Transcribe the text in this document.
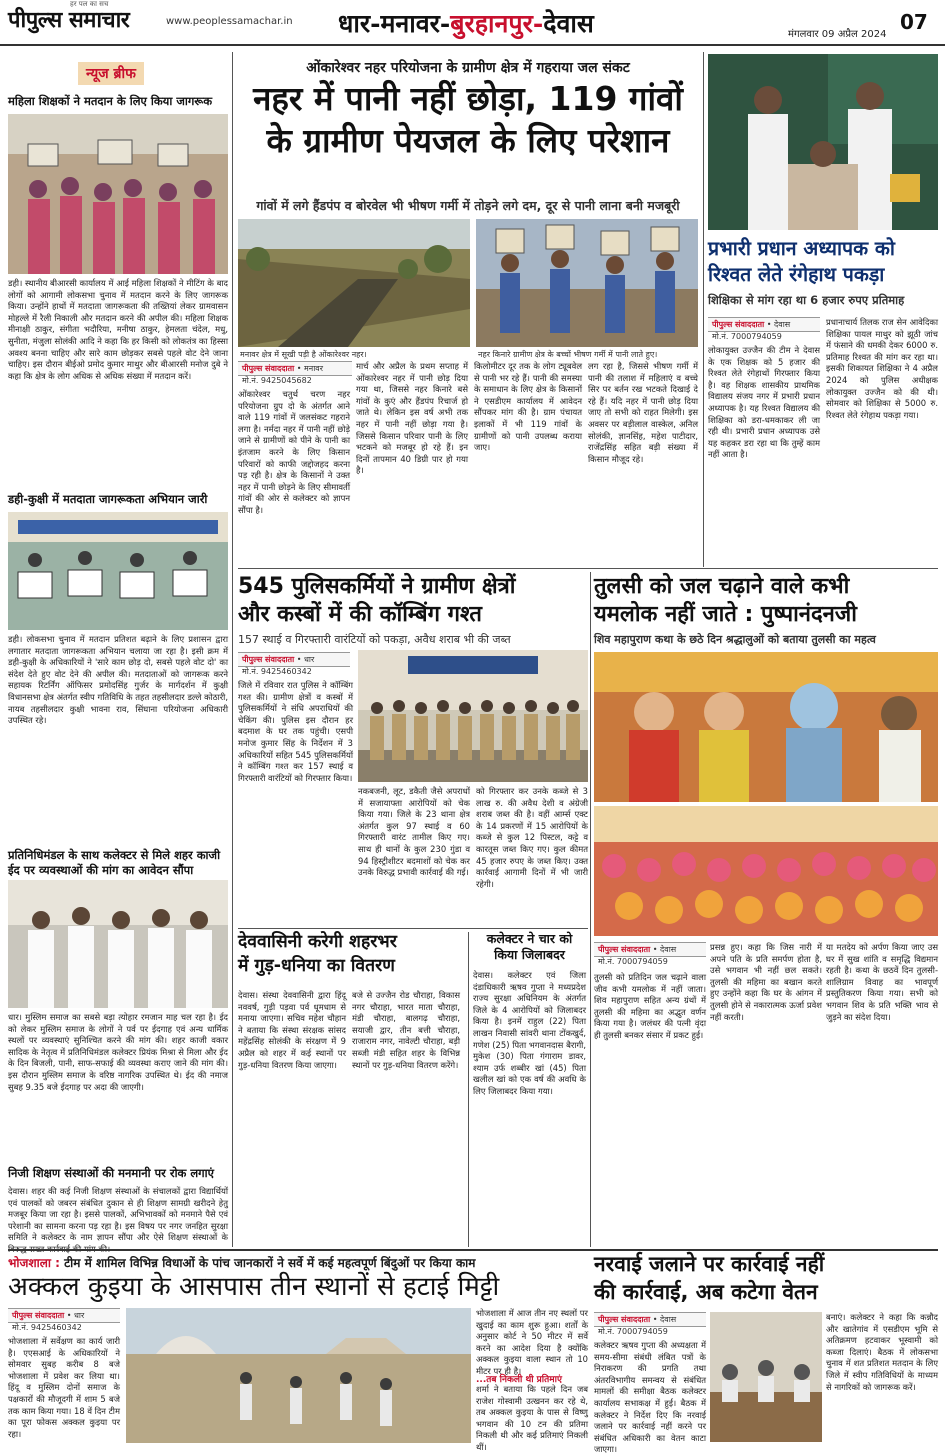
पीपुल्स समाचार
हर पल का सच
www.peoplessamachar.in धार-मनावर-बुरहानपुर-देवास	मंगलवार 09 अप्रैल 2024
07
न्यूज ब्रीफ
महिला शिक्षकों ने मतदान के लिए किया जागरूक
डही। स्थानीय बीआरसी कार्यालय में आई महिला शिक्षकों ने मीटिंग के बाद लोगों को आगामी लोकसभा चुनाव में मतदान करने के लिए जागरूक किया। उन्होंने हाथों में मतदाता जागरूकता की तख्तियां लेकर ग्रामवासन मोहल्ले में रैली निकाली और मतदान करने की अपील की। महिला शिक्षक मीनाक्षी ठाकुर, संगीता भदौरिया, मनीषा ठाकुर, हेमलता चंदेल, मधु, सुनीता, मंजुला सोलंकी आदि ने कहा कि हर किसी को लोकतंत्र का हिस्सा अवश्य बनना चाहिए और सारे काम छोड़कर सबसे पहले वोट देने जाना चाहिए। इस दौरान बीईओ प्रमोद कुमार माथुर और बीआरसी मनोज दुबे ने कहा कि क्षेत्र के लोग अधिक से अधिक संख्या में मतदान करें।
डही-कुक्षी में मतदाता जागरूकता अभियान जारी
डही। लोकसभा चुनाव में मतदान प्रतिशत बढ़ाने के लिए प्रशासन द्वारा लगातार मतदाता जागरूकता अभियान चलाया जा रहा है। इसी क्रम में डही-कुक्षी के अधिकारियों ने 'सारे काम छोड़ दो, सबसे पहले वोट दो' का संदेश देते हुए वोट देने की अपील की। मतदाताओं को जागरूक करने सहायक रिटर्निंग ऑफिसर प्रमोदसिंह गुर्जर के मार्गदर्शन में कुक्षी विधानसभा क्षेत्र अंतर्गत स्वीप गतिविधि के तहत तहसीलदार डल्ले कोठारी, नायब तहसीलदार कुक्षी भावना राव, सिंघाना परियोजना अधिकारी उपस्थित रहे।
प्रतिनिधिमंडल के साथ कलेक्टर से मिले शहर काजी ईद पर व्यवस्थाओं की मांग का आवेदन सौंपा
धार। मुस्लिम समाज का सबसे बड़ा त्योहार रमजान माह चल रहा है। ईद को लेकर मुस्लिम समाज के लोगों ने पर्व पर ईदगाह एवं अन्य धार्मिक स्थलों पर व्यवस्थाएं सुनिश्चित करने की मांग की। शहर काजी वकार सादिक के नेतृत्व में प्रतिनिधिमंडल कलेक्टर प्रियंक मिश्रा से मिला और ईद के दिन बिजली, पानी, साफ-सफाई की व्यवस्था कराए जाने की मांग की। इस दौरान मुस्लिम समाज के वरिष्ठ नागरिक उपस्थित थे। ईद की नमाज सुबह 9.35 बजे ईदगाह पर अदा की जाएगी।
निजी शिक्षण संस्थाओं की मनमानी पर रोक लगाएं
देवास। शहर की कई निजी शिक्षण संस्थाओं के संचालकों द्वारा विद्यार्थियों एवं पालकों को जबरन संबंधित दुकान से ही शिक्षण सामग्री खरीदने हेतु मजबूर किया जा रहा है। इससे पालकों, अभिभावकों को मनमाने पैसे एवं परेशानी का सामना करना पड़ रहा है। इस विषय पर नगर जनहित सुरक्षा समिति ने कलेक्टर के नाम ज्ञापन सौंपा और ऐसे शिक्षण संस्थाओं के
ओंकारेश्वर नहर परियोजना के ग्रामीण क्षेत्र में गहराया जल संकट
नहर में पानी नहीं छोड़ा, 119 गांवों
के ग्रामीण पेयजल के लिए परेशान
गांवों में लगे हैंडपंप व बोरवेल भी भीषण गर्मी में तोड़ने लगे दम, दूर से पानी लाना बनी मजबूरी
मनावर क्षेत्र में सूखी पड़ी है ओंकारेश्वर नहर।	नहर किनारे ग्रामीण क्षेत्र के बच्चों भीषण गर्मी में पानी लाते हुए।
पीपुल्स संवाददाता • मनावर
मो.नं. 9425045682
ओंकारेश्वर चतुर्थ चरण नहर परियोजना ग्रुप दो के अंतर्गत आने वाले 119 गांवों में जलसंकट गहराने लगा है। नर्मदा नहर में पानी नहीं छोड़े जाने से ग्रामीणों को पीने के पानी का इंतजाम करने के लिए किसान परिवारों को काफी जद्दोजहद करना पड़ रही है। क्षेत्र के किसानों ने उक्त नहर में पानी छोड़ने के लिए सीमावर्ती गांवों की ओर से कलेक्टर को ज्ञापन सौंपा है।
मार्च और अप्रैल के प्रथम सप्ताह में ओंकारेश्वर नहर में पानी छोड़ दिया गया था, जिससे नहर किनारे बसे गांवों के कुएं और हैंडपंप रिचार्ज हो जाते थे। लेकिन इस वर्ष अभी तक नहर में पानी नहीं छोड़ा गया है। जिससे किसान परिवार पानी के लिए भटकने को मजबूर हो रहे हैं। इन दिनों तापमान 40 डिग्री पार हो गया है।
किलोमीटर दूर तक के लोग ट्यूबवेल से पानी भर रहे हैं। पानी की समस्या के समाधान के लिए क्षेत्र के किसानों ने एसडीएम कार्यालय में आवेदन सौंपकर मांग की है। ग्राम पंचायत इलाकों में भी 119 गांवों के ग्रामीणों को पानी उपलब्ध कराया जाए।
लग रहा है, जिससे भीषण गर्मी में पानी की तलाश में महिलाएं व बच्चे सिर पर बर्तन रख भटकते दिखाई दे रहे हैं। यदि नहर में पानी छोड़ दिया जाए तो सभी को राहत मिलेगी। इस अवसर पर बड़ीलाल वास्केल, अनिल सोलंकी, ज्ञानसिंह, महेश पाटीदार, राजेंद्रसिंह सहित बड़ी संख्या में किसान मौजूद रहे।
प्रभारी प्रधान अध्यापक को
रिश्वत लेते रंगेहाथ पकड़ा
शिक्षिका से मांग रहा था 6 हजार रुपए प्रतिमाह
पीपुल्स संवाददाता • देवास
मो.नं. 7000794059
लोकायुक्त उज्जैन की टीम ने देवास के एक शिक्षक को 5 हजार की रिश्वत लेते रंगेहाथों गिरफ्तार किया है। वह शिक्षक शासकीय प्राथमिक विद्यालय संजय नगर में प्रभारी प्रधान अध्यापक है। यह रिश्वत विद्यालय की शिक्षिका को डरा-धमकाकर ली जा रही थी। प्रभारी प्रधान अध्यापक उसे यह कहकर डरा रहा था कि तुम्हें काम नहीं आता है।
प्रधानाचार्य तिलक राज सेन आवेदिका शिक्षिका पायल माथुर को झूठी जांच में फंसाने की धमकी देकर 6000 रु. प्रतिमाह रिश्वत की मांग कर रहा था। इसकी शिकायत शिक्षिका ने 4 अप्रैल 2024 को पुलिस अधीक्षक लोकायुक्त उज्जैन को की थी। सोमवार को शिक्षिका से 5000 रु. रिश्वत लेते रंगेहाथ पकड़ा गया।
545 पुलिसकर्मियों ने ग्रामीण क्षेत्रों
और कस्बों में की कॉम्बिंग गश्त
157 स्थाई व गिरफ्तारी वारंटियों को पकड़ा, अवैध शराब भी की जब्त
पीपुल्स संवाददाता • धार
मो.नं. 9425460342
जिले में रविवार रात पुलिस ने कॉम्बिंग गश्त की। ग्रामीण क्षेत्रों व कस्बों में पुलिसकर्मियों ने संधि अपराधियों की चेकिंग की। पुलिस इस दौरान हर बदमाश के घर तक पहुंची। एसपी मनोज कुमार सिंह के निर्देशन में 3 अधिकारियों सहित 545 पुलिसकर्मियों ने कॉम्बिंग गश्त कर 157 स्थाई व गिरफ्तारी वारंटियों को गिरफ्तार किया।
नकबजनी, लूट, डकैती जैसे अपराधों में सजायाफ्ता आरोपियों को चेक किया गया। जिले के 23 थाना क्षेत्र अंतर्गत कुल 97 स्थाई व 60 गिरफ्तारी वारंट तामील किए गए। साथ ही थानों के कुल 230 गुंडा व 94 हिस्ट्रीशीटर बदमाशों को चेक कर उनके विरुद्ध प्रभावी कार्रवाई की गई।
को गिरफ्तार कर उनके कब्जे से 3 लाख रु. की अवैध देशी व अंग्रेजी शराब जब्त की है। वहीं आर्म्स एक्ट के 14 प्रकरणों में 15 आरोपियों के कब्जे से कुल 12 पिस्टल, कट्टे व कारतूस जब्त किए गए। कुल कीमत 45 हजार रुपए के जब्त किए। उक्त कार्रवाई आगामी दिनों में भी जारी रहेगी।
तुलसी को जल चढ़ाने वाले कभी
यमलोक नहीं जाते : पुष्पानंदनजी
शिव महापुराण कथा के छठे दिन श्रद्धालुओं को बताया तुलसी का महत्व
पीपुल्स संवाददाता • देवास
मो.नं. 7000794059
तुलसी को प्रतिदिन जल चढ़ाने वाला जीव कभी यमलोक में नहीं जाता। शिव महापुराण सहित अन्य ग्रंथों में तुलसी की महिमा का अद्भुत वर्णन किया गया है। जलंधर की पत्नी वृंदा ही तुलसी बनकर संसार में प्रकट हुई।
प्रसन्न हुए। कहा कि जिस नारी में अपने पति के प्रति समर्पण होता है, उसे भगवान भी नहीं छल सकते। तुलसी की महिमा का बखान करते हुए उन्होंने कहा कि घर के आंगन में तुलसी होने से नकारात्मक ऊर्जा प्रवेश नहीं करती।
या मतदेय को अर्पण किया जाए उस घर में सुख शांति व समृद्धि विद्यमान रहती है। कथा के छठवें दिन तुलसी-शालिग्राम विवाह का भावपूर्ण प्रस्तुतिकरण किया गया। सभी को भगवान शिव के प्रति भक्ति भाव से जुड़ने का संदेश दिया।
देववासिनी करेगी शहरभर
में गुड़-धनिया का वितरण
देवास। संस्था देववासिनी द्वारा हिंदू नववर्ष, गुड़ी पड़वा पर्व धूमधाम से मनाया जाएगा। सचिव महेश चौहान ने बताया कि संस्था संरक्षक सांसद महेंद्रसिंह सोलंकी के संरक्षण में 9 अप्रैल को शहर में कई स्थानों पर गुड़-धनिया वितरण किया जाएगा।
बजे से उज्जैन रोड चौराहा, विकास नगर चौराहा, भारत माता चौराहा, मंडी चौराहा, बालगढ़ चौराहा, सयाजी द्वार, तीन बत्ती चौराहा, राजाराम नगर, नावेल्टी चौराहा, बड़ी सब्जी मंडी सहित शहर के विभिन्न स्थानों पर गुड़-धनिया वितरण करेंगे।
कलेक्टर ने चार को
किया जिलाबदर
देवास। कलेक्टर एवं जिला दंडाधिकारी ऋषव गुप्ता ने मध्यप्रदेश राज्य सुरक्षा अधिनियम के अंतर्गत जिले के 4 आरोपियों को जिलाबदर किया है। इनमें राहुल (22) पिता लाखन निवासी सांवरी थाना टोंकखुर्द, गणेश (25) पिता भगवानदास बैरागी, मुकेश (30) पिता गंगाराम डावर, श्याम उर्फ शब्बीर खां (45) पिता खलील खां को एक वर्ष की अवधि के लिए जिलाबदर किया गया।
भोजशाला : टीम में शामिल विभिन्न विधाओं के पांच जानकारों ने सर्वे में कई महत्वपूर्ण बिंदुओं पर किया काम
अक्कल कुइया के आसपास तीन स्थानों से हटाई मिट्टी
पीपुल्स संवाददाता • धार
मो.नं. 9425460342
भोजशाला में सर्वेक्षण का कार्य जारी है। एएसआई के अधिकारियों ने सोमवार सुबह करीब 8 बजे भोजशाला में प्रवेश कर लिया था। हिंदू व मुस्लिम दोनों समाज के पक्षकारों की मौजूदगी में शाम 5 बजे तक काम किया गया। 18 वें दिन टीम का पूरा फोकस अक्कल कुइया पर रहा।
भोजशाला में आज तीन नए स्थलों पर खुदाई का काम शुरू हुआ। शर्तों के अनुसार कोर्ट ने 50 मीटर में सर्वे करने का आदेश दिया है क्योंकि अक्कल कुइया वाला स्थान तो 10 मीटर पर ही है।
...तब निकली थी प्रतिमाएं
शर्मा ने बताया कि पहले दिन जब राजेश गोस्वामी उत्खनन कर रहे थे, तब अक्कल कुइया के पास से विष्णु भगवान की 10 टन की प्रतिमा निकली थी और कई प्रतिमाएं निकली थीं।
नरवाई जलाने पर कार्रवाई नहीं
की कार्रवाई, अब कटेगा वेतन
पीपुल्स संवाददाता • देवास
मो.नं. 7000794059
कलेक्टर ऋषव गुप्ता की अध्यक्षता में समय-सीमा संबंधी लंबित पत्रों के निराकरण की प्रगति तथा अंतरविभागीय समन्वय से संबंधित मामलों की समीक्षा बैठक कलेक्टर कार्यालय सभाकक्ष में हुई। बैठक में कलेक्टर ने निर्देश दिए कि नरवाई जलाने पर कार्रवाई नहीं करने पर संबंधित अधिकारी का वेतन काटा जाएगा।
बनाएं। कलेक्टर ने कहा कि कन्नौद और खातेगांव में एसडीएम भूमि से अतिक्रमण हटवाकर भूस्वामी को कब्जा दिलाएं। बैठक में लोकसभा चुनाव में शत प्रतिशत मतदान के लिए जिले में स्वीप गतिविधियों के माध्यम से नागरिकों को जागरूक करें।
